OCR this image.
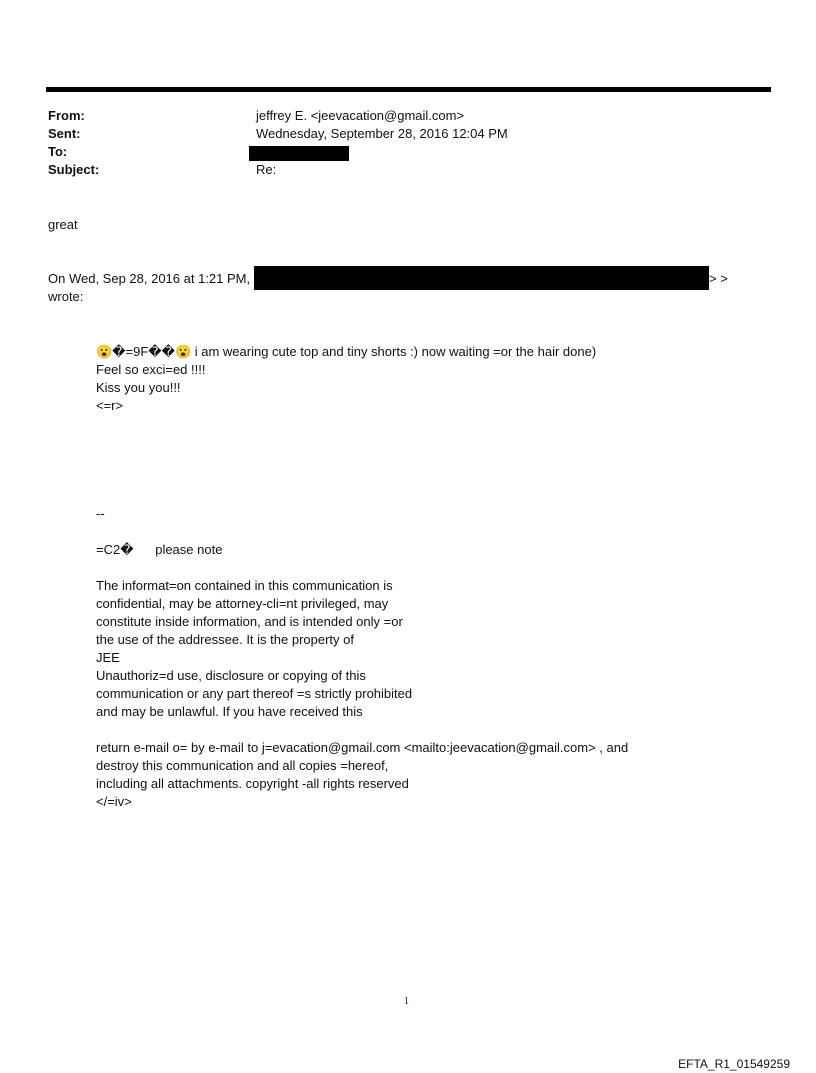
From:	jeffrey E. <jeevacation@gmail.com>
Sent:	Wednesday, September 28, 2016 12:04 PM
To:
Subject:	Re:
great
On Wed, Sep 28, 2016 at 1:21 PM,	> >
wrote:
😮�=9F��😮 i am wearing cute top and tiny shorts :) now waiting =or the hair done)
Feel so exci=ed !!!!
Kiss you you!!!
<=r>
--
=C2�      please note
The informat=on contained in this communication is
confidential, may be attorney-cli=nt privileged, may
constitute inside information, and is intended only =or
the use of the addressee. It is the property of
JEE
Unauthoriz=d use, disclosure or copying of this
communication or any part thereof =s strictly prohibited
and may be unlawful. If you have received this
return e-mail o= by e-mail to j=evacation@gmail.com <mailto:jeevacation@gmail.com> , and
destroy this communication and all copies =hereof,
including all attachments. copyright -all rights reserved
</=iv>
1
EFTA_R1_01549259
